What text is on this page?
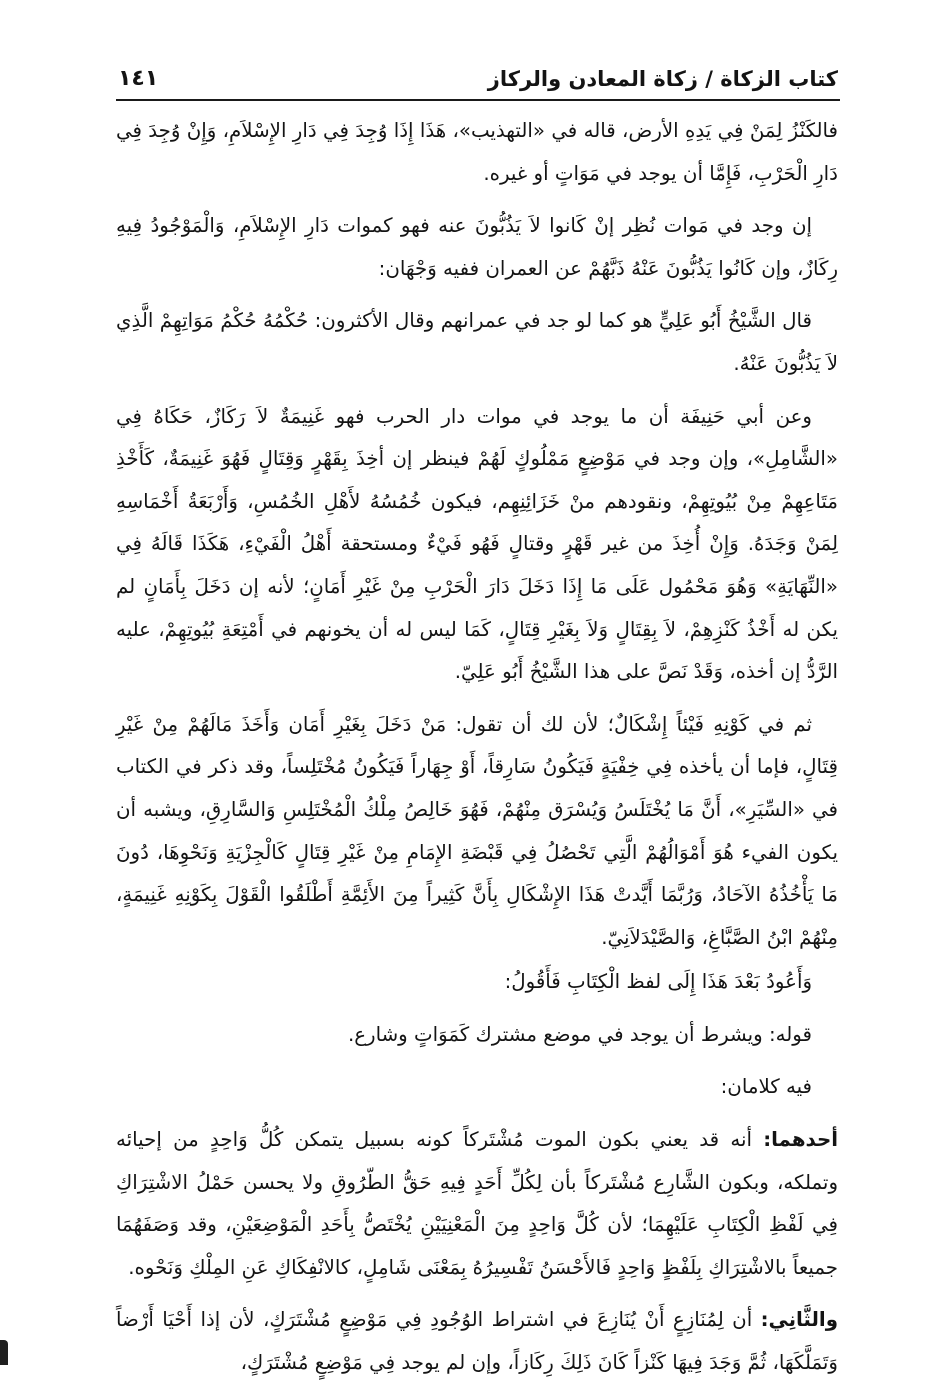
كتاب الزكاة / زكاة المعادن والركاز
١٤١

فالكَنْزُ لِمَنْ فِي يَدِهِ الأرض، قاله في «التهذيب»، هَذَا إِذَا وُجِدَ فِي دَارِ الإِسْلاَمِ، وَإِنْ وُجِدَ فِي دَارِ الْحَرْبِ، فَإِمَّا أن يوجد في مَوَاتٍ أو غيره.

إن وجد في مَوات نُظِر إنْ كَانوا لاَ يَذُبُّونَ عنه فهو كموات دَارِ الإِسْلاَمِ، وَالْمَوْجُودُ فِيهِ رِكَازٌ، وإن كَانُوا يَذُبُّونَ عَنْهُ ذَبَّهُمْ عن العمران ففيه وَجْهَان:

قال الشَّيْخُ أَبُو عَلِيٍّ هو كما لو جد في عمرانهم وقال الأكثرون: حُكْمُهُ حُكْمُ مَوَاتِهِمْ الَّذِي لاَ يَذُبُّونَ عَنْهُ.

وعن أبي حَنِيفَة أن ما يوجد في موات دار الحرب فهو غَنِيمَةٌ لاَ رَكَازٌ، حَكَاهُ فِي «الشَّامِلِ»، وإن وجد في مَوْضِعٍ مَمْلُوكٍ لَهُمْ فينظر إن أخِذَ بِقَهْرٍ وَقِتَالٍ فَهُوَ غَنِيمَةٌ، كَأَخْذِ مَتَاعِهِمْ مِنْ بُيُوتِهِمْ، ونقودهم منْ خَزَائِنِهِم، فيكون خُمُسُهُ لأَهْلِ الخُمُسِ، وَأَرْبَعَةُ أَخْمَاسِهِ لِمَنْ وَجَدَهُ. وَإِنْ أُخِذَ من غير قَهْرٍ وقتالٍ فَهُو فَيْءٌ ومستحقة أَهْلُ الْفَيْءِ، هَكَذَا قَالَهُ فِي «النِّهَايَةِ» وَهُوَ مَحْمُول عَلَى مَا إِذَا دَخَلَ دَارَ الْحَرْبِ مِنْ غَيْرِ أَمَانٍ؛ لأنه إن دَخَلَ بِأَمَانٍ لم يكن له أَخْذُ كَنْزِهِمْ، لاَ بِقِتَالٍ وَلاَ بِغَيْرِ قِتَالٍ، كَمَا ليس له أن يخونهم في أَمْتِعَةِ بُيُوتِهِمْ، عليه الرَّدُّ إن أخذه، وَقَدْ نَصَّ على هذا الشَّيْخُ أَبُو عَلِيّ.

ثم في كَوْنِهِ فَيْئاً إِشْكَالٌ؛ لأن لك أن تقول: مَنْ دَخَلَ بِغَيْرِ أَمَان وَأَخَذَ مَالَهُمْ مِنْ غَيْرِ قِتَالٍ، فإما أن يأخذه فِي خِفْيَةٍ فَيَكُونُ سَارِقاً، أَوْ جِهَاراً فَيَكُونُ مُخْتَلِساً، وقد ذكر في الكتاب في «السِّيَرِ»، أَنَّ مَا يُخْتَلَسُ وَيُسْرَق مِنْهُمْ، فَهُوَ خَالِصُ مِلْكُ الْمُخْتَلِسِ وَالسَّارِقِ، ويشبه أن يكون الفيء هُوَ أَمْوَالُهُمْ الَّتِي تَحْصُلُ فِي قَبْضَةِ الإِمَامِ مِنْ غَيْرِ قِتَالٍ كَالْجِزْيَةِ وَنَحْوِهَا، دُونَ مَا يَأْخُذُهُ الآحَادُ، وَرُبَّمَا أَيَّدتْ هَذَا الإِشْكَالِ بِأَنَّ كَثِيراً مِنَ الأَئِمَّةِ أَطْلَقُوا الْقَوْلَ بِكَوْنِهِ غَنِيمَةٍ، مِنْهُمْ ابْنُ الصَّبَّاغِ، وَالصَّيْدَلاَنِيّ.

وَأَعُودُ بَعْدَ هَذَا إِلَى لفظ الْكِتَابِ فَأَقُولُ:

قوله: ويشرط أن يوجد في موضع مشترك كَمَوَاتٍ وشارع.

فيه كلامان:

أحدهما: أنه قد يعني بكون الموت مُشْتَركاً كونه بسبيل يتمكن كُلُّ وَاحِدٍ من إحيائه وتملكه، وبكون الشَّارِع مُشْتَركاً بأن لِكُلِّ أَحَدٍ فِيهِ حَقُّ الطّرُوقِ ولا يحسن حَمْلُ الاشْتِرَاكِ فِي لَفْظِ الْكِتَابِ عَلَيْهِمَا؛ لأن كُلَّ وَاحِدٍ مِنَ الْمَعْنِيَيْنِ يُخْتَصُّ بِأَحَدِ الْمَوْضِعَيْنِ، وقد وَصَفَهُمَا جميعاً بالاشْتِرَاكِ بِلَفْظٍ وَاحِدٍ فَالأَحْسَنُ تَفْسِيرُهُ بِمَعْنَى شَامِلٍ، كالانْفِكَاكِ عَنِ المِلْكِ وَنَحْوه.

والثَّانِي: أن لِمُنَازِعٍ أَنْ يُنَازِعَ في اشتراط الوُجُودِ فِي مَوْضِعٍ مُشْتَرَكٍ، لأن إذا أَحْيَا أَرْضاً وَتَمَلَّكَهَا، ثُمَّ وَجَدَ فِيهَا كَنْزاً كَانَ ذَلِكَ رِكَازاً، وإن لم يوجد فِي مَوْضِعٍ مُشْتَرَكٍ،
